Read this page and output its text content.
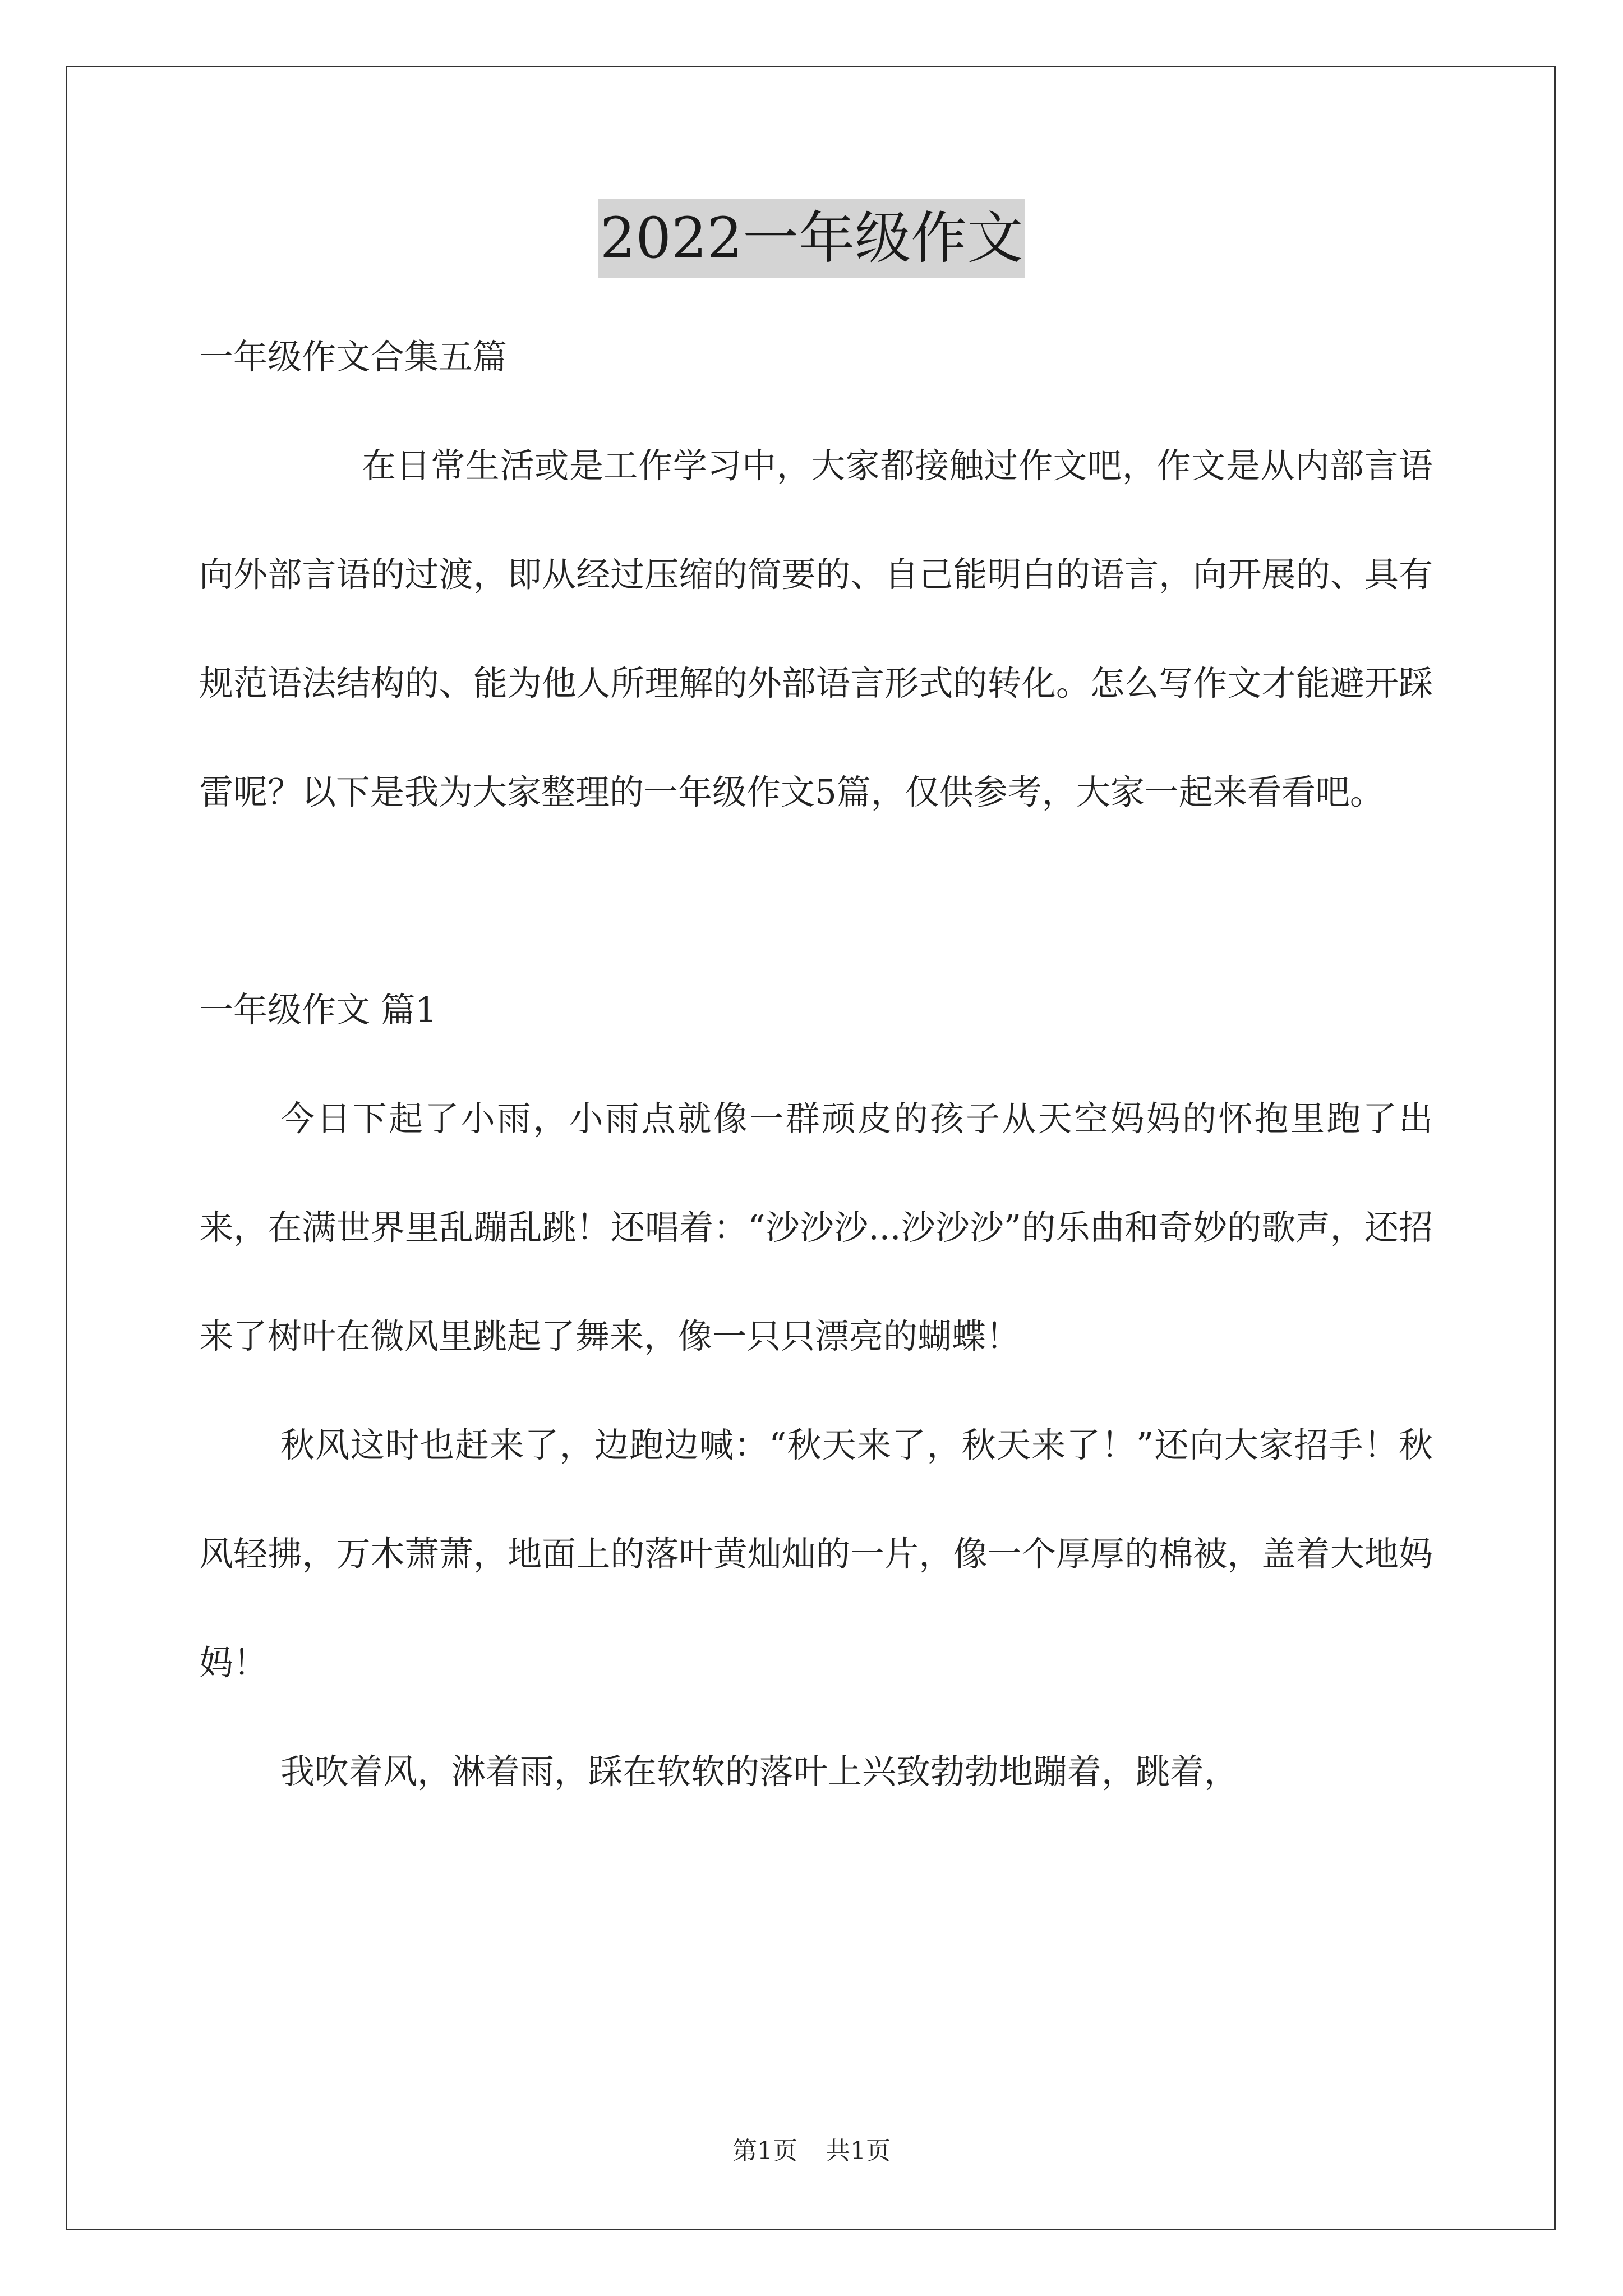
2022一年级作文

一年级作文合集五篇

在日常生活或是工作学习中，大家都接触过作文吧，作文是从内部言语向外部言语的过渡，即从经过压缩的简要的、自己能明白的语言，向开展的、具有规范语法结构的、能为他人所理解的外部语言形式的转化。怎么写作文才能避开踩雷呢？以下是我为大家整理的一年级作文5篇，仅供参考，大家一起来看看吧。

一年级作文 篇1

今日下起了小雨，小雨点就像一群顽皮的孩子从天空妈妈的怀抱里跑了出来，在满世界里乱蹦乱跳！还唱着：“沙沙沙...沙沙沙”的乐曲和奇妙的歌声，还招来了树叶在微风里跳起了舞来，像一只只漂亮的蝴蝶！

秋风这时也赶来了，边跑边喊：“秋天来了，秋天来了！”还向大家招手！秋风轻拂，万木萧萧，地面上的落叶黄灿灿的一片，像一个厚厚的棉被，盖着大地妈妈！

我吹着风，淋着雨，踩在软软的落叶上兴致勃勃地蹦着，跳着，

第1页 共1页
